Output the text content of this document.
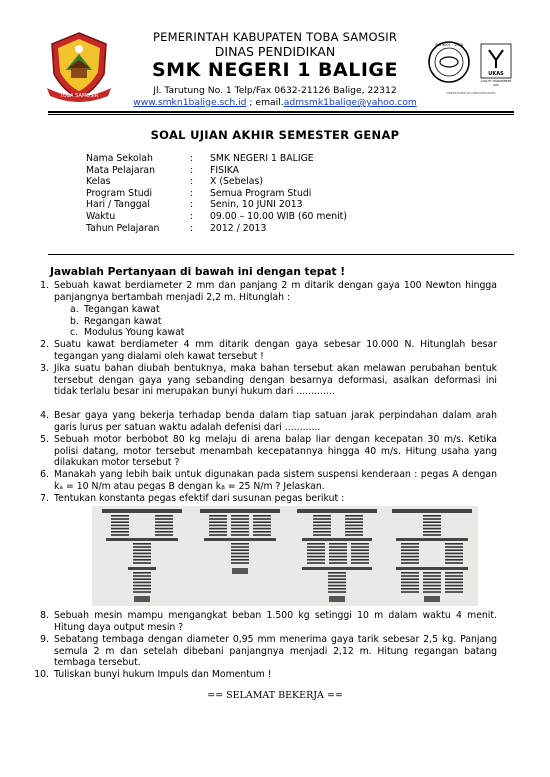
TOBA SAMOSIR
ISO 9001 : 2008
UKAS
QUALITY MANAGEMENT
005
CERTIFICATE No.QMS/0000/0000
PEMERINTAH KABUPATEN TOBA SAMOSIR
DINAS PENDIDIKAN
SMK NEGERI 1 BALIGE
Jl. Tarutung No. 1 Telp/Fax 0632-21126 Balige, 22312
www.smkn1balige.sch.id ; email.admsmk1balige@yahoo.com
SOAL UJIAN AKHIR SEMESTER GENAP
Nama Sekolah	:	SMK NEGERI 1 BALIGE
Mata Pelajaran	:	FISIKA
Kelas	:	X (Sebelas)
Program Studi	:	Semua Program Studi
Hari / Tanggal	:	Senin, 10 JUNI 2013
Waktu	:	09.00 – 10.00 WIB (60 menit)
Tahun Pelajaran	:	2012 / 2013
Jawablah Pertanyaan di bawah ini dengan tepat !
1. Sebuah kawat berdiameter 2 mm dan panjang 2 m ditarik dengan gaya 100 Newton hingga panjangnya bertambah menjadi 2,2 m. Hitunglah :
a. Tegangan kawat
b. Regangan kawat
c. Modulus Young kawat
2. Suatu kawat berdiameter 4 mm ditarik dengan gaya sebesar 10.000 N. Hitunglah besar tegangan yang dialami oleh kawat tersebut !
3. Jika suatu bahan diubah bentuknya, maka bahan tersebut akan melawan perubahan bentuk tersebut dengan gaya yang sebanding dengan besarnya deformasi, asalkan deformasi ini tidak terlalu besar ini merupakan bunyi hukum dari .............
4. Besar gaya yang bekerja terhadap benda dalam tiap satuan jarak perpindahan dalam arah garis lurus per satuan waktu adalah defenisi dari ............
5. Sebuah motor berbobot 80 kg melaju di arena balap liar dengan kecepatan 30 m/s. Ketika polisi datang, motor tersebut menambah kecepatannya hingga 40 m/s. Hitung usaha yang dilakukan motor tersebut ?
6. Manakah yang lebih baik untuk digunakan pada sistem suspensi kenderaan : pegas A dengan kₐ = 10 N/m atau pegas B dengan kᵦ = 25 N/m ? Jelaskan.
7. Tentukan konstanta pegas efektif dari susunan pegas berikut :
8. Sebuah mesin mampu mengangkat beban 1.500 kg setinggi 10 m dalam waktu 4 menit. Hitung daya output mesin ?
9. Sebatang tembaga dengan diameter 0,95 mm menerima gaya tarik sebesar 2,5 kg. Panjang semula 2 m dan setelah dibebani panjangnya menjadi 2,12 m. Hitung regangan batang tembaga tersebut.
10. Tuliskan bunyi hukum Impuls dan Momentum !
== SELAMAT BEKERJA ==
